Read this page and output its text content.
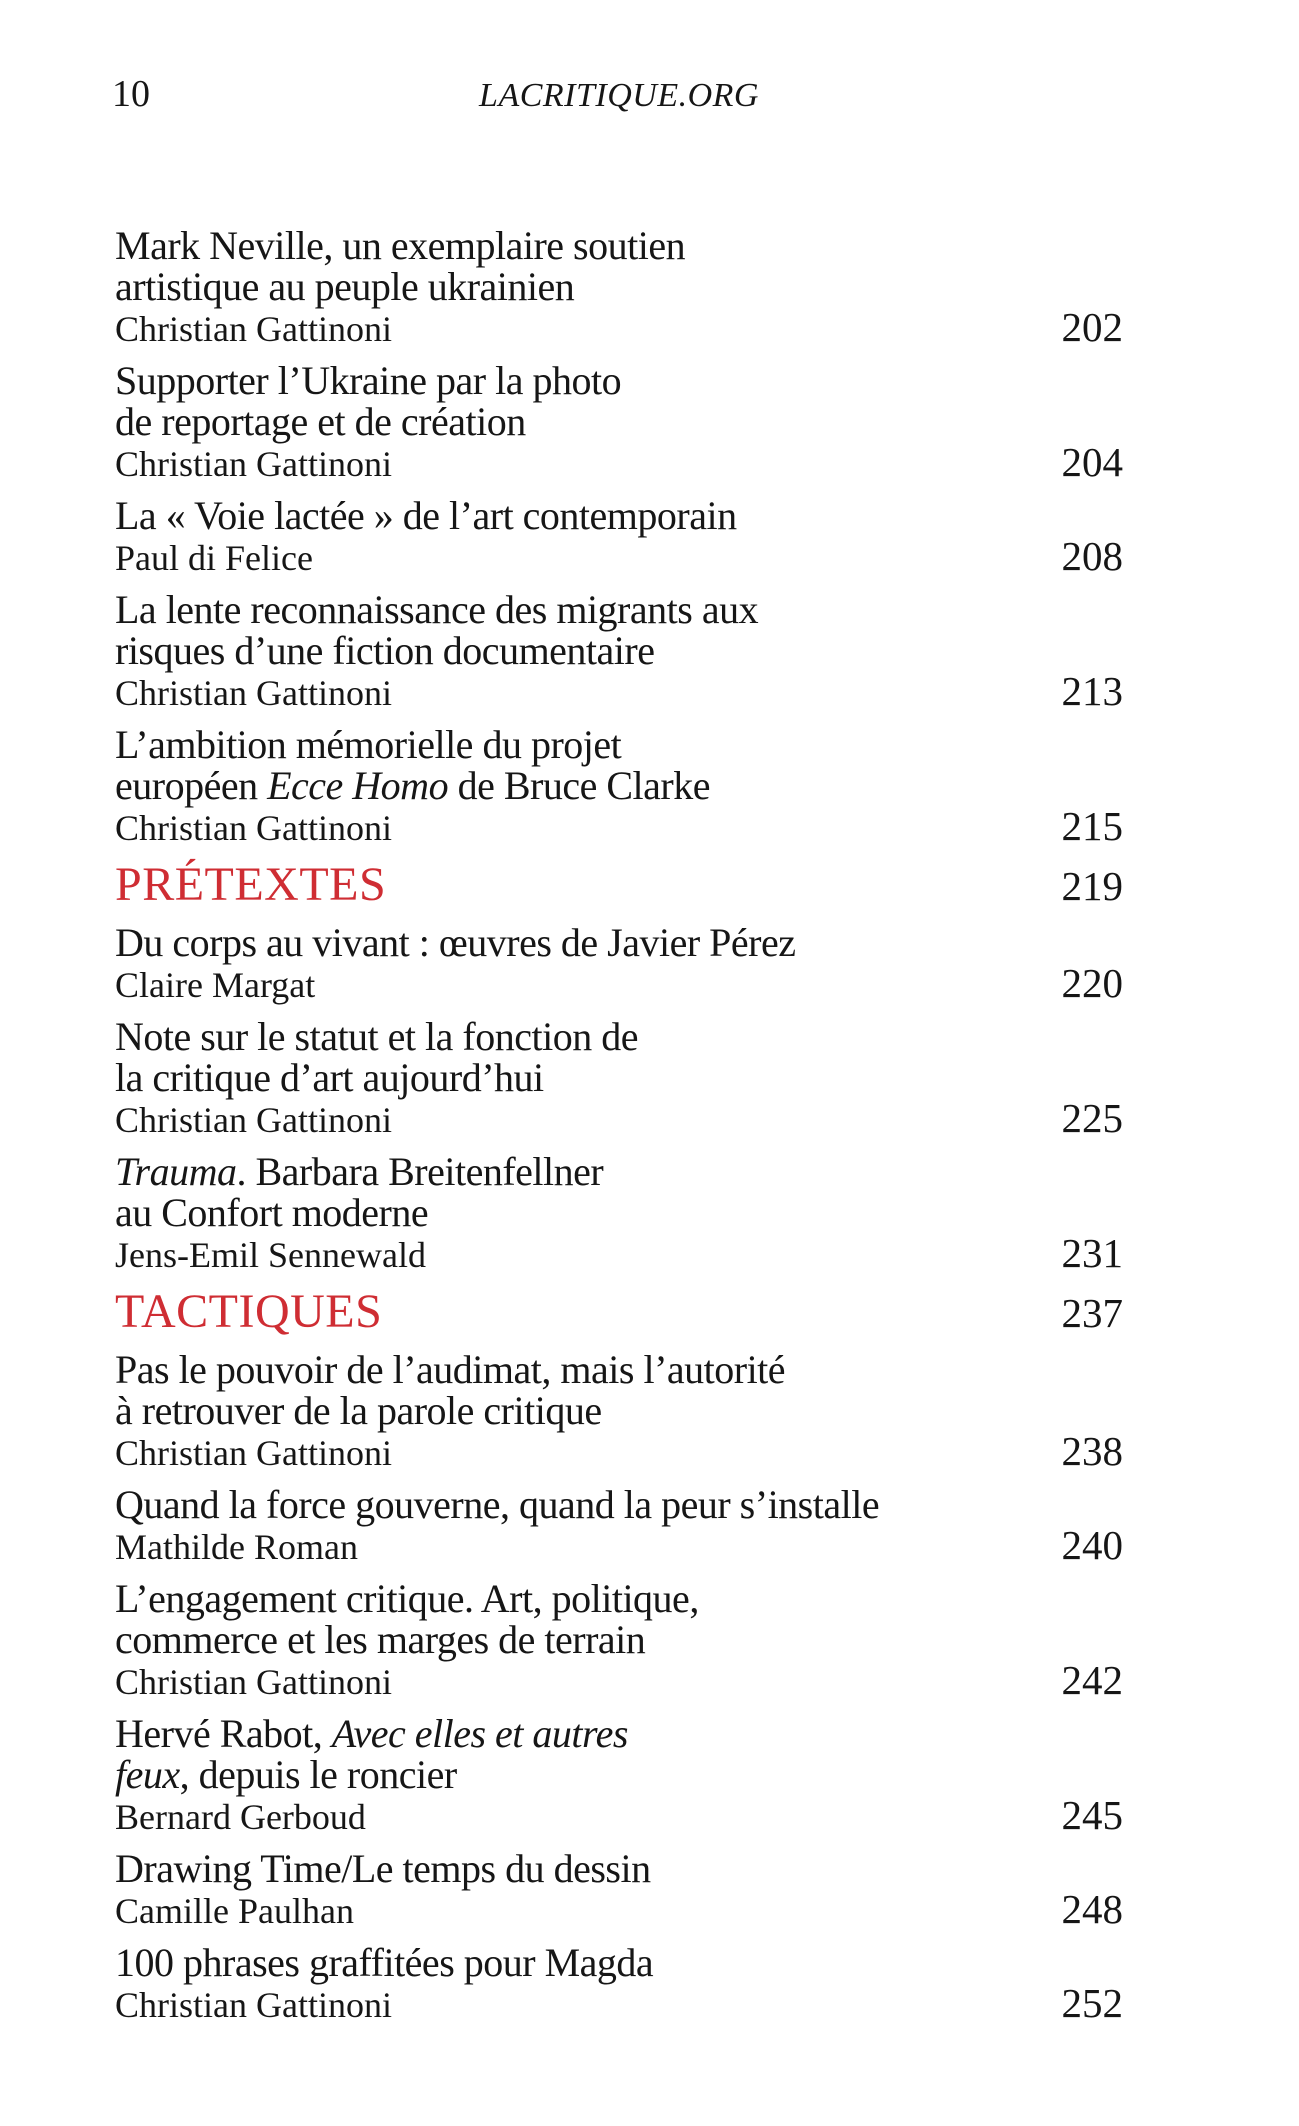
10	LACRITIQUE.ORG
Mark Neville, un exemplaire soutien
artistique au peuple ukrainien
Christian Gattinoni	202
Supporter l’Ukraine par la photo
de reportage et de création
Christian Gattinoni	204
La « Voie lactée » de l’art contemporain
Paul di Felice	208
La lente reconnaissance des migrants aux
risques d’une fiction documentaire
Christian Gattinoni	213
L’ambition mémorielle du projet
européen Ecce Homo de Bruce Clarke
Christian Gattinoni	215
PRÉTEXTES	219
Du corps au vivant : œuvres de Javier Pérez
Claire Margat	220
Note sur le statut et la fonction de
la critique d’art aujourd’hui
Christian Gattinoni	225
Trauma. Barbara Breitenfellner
au Confort moderne
Jens-Emil Sennewald	231
TACTIQUES	237
Pas le pouvoir de l’audimat, mais l’autorité
à retrouver de la parole critique
Christian Gattinoni	238
Quand la force gouverne, quand la peur s’installe
Mathilde Roman	240
L’engagement critique. Art, politique,
commerce et les marges de terrain
Christian Gattinoni	242
Hervé Rabot, Avec elles et autres
feux, depuis le roncier
Bernard Gerboud	245
Drawing Time/Le temps du dessin
Camille Paulhan	248
100 phrases graffitées pour Magda
Christian Gattinoni	252
